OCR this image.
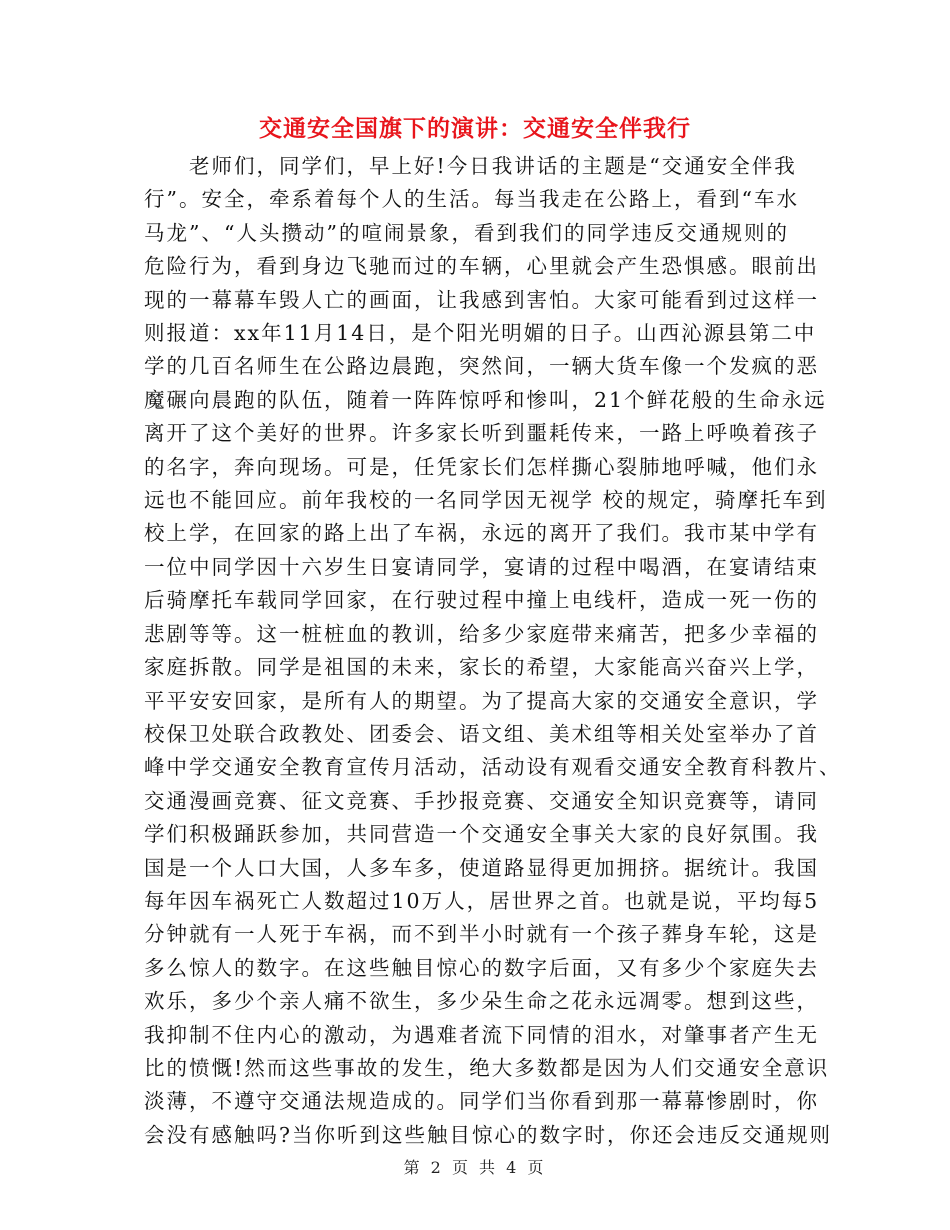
交通安全国旗下的演讲：交通安全伴我行
　　老师们，同学们，早上好!今日我讲话的主题是“交通安全伴我
行”。安全，牵系着每个人的生活。每当我走在公路上，看到“车水
马龙”、“人头攒动”的喧闹景象，看到我们的同学违反交通规则的
危险行为，看到身边飞驰而过的车辆，心里就会产生恐惧感。眼前出
现的一幕幕车毁人亡的画面，让我感到害怕。大家可能看到过这样一
则报道：xx年11月14日，是个阳光明媚的日子。山西沁源县第二中
学的几百名师生在公路边晨跑，突然间，一辆大货车像一个发疯的恶
魔碾向晨跑的队伍，随着一阵阵惊呼和惨叫，21个鲜花般的生命永远
离开了这个美好的世界。许多家长听到噩耗传来，一路上呼唤着孩子
的名字，奔向现场。可是，任凭家长们怎样撕心裂肺地呼喊，他们永
远也不能回应。前年我校的一名同学因无视学 校的规定，骑摩托车到
校上学，在回家的路上出了车祸，永远的离开了我们。我市某中学有
一位中同学因十六岁生日宴请同学，宴请的过程中喝酒，在宴请结束
后骑摩托车载同学回家，在行驶过程中撞上电线杆，造成一死一伤的
悲剧等等。这一桩桩血的教训，给多少家庭带来痛苦，把多少幸福的
家庭拆散。同学是祖国的未来，家长的希望，大家能高兴奋兴上学，
平平安安回家，是所有人的期望。为了提高大家的交通安全意识，学
校保卫处联合政教处、团委会、语文组、美术组等相关处室举办了首
峰中学交通安全教育宣传月活动，活动设有观看交通安全教育科教片、
交通漫画竞赛、征文竞赛、手抄报竞赛、交通安全知识竞赛等，请同
学们积极踊跃参加，共同营造一个交通安全事关大家的良好氛围。我
国是一个人口大国，人多车多，使道路显得更加拥挤。据统计。我国
每年因车祸死亡人数超过10万人，居世界之首。也就是说，平均每5
分钟就有一人死于车祸，而不到半小时就有一个孩子葬身车轮，这是
多么惊人的数字。在这些触目惊心的数字后面，又有多少个家庭失去
欢乐，多少个亲人痛不欲生，多少朵生命之花永远凋零。想到这些，
我抑制不住内心的激动，为遇难者流下同情的泪水，对肇事者产生无
比的愤慨!然而这些事故的发生，绝大多数都是因为人们交通安全意识
淡薄，不遵守交通法规造成的。同学们当你看到那一幕幕惨剧时，你
会没有感触吗?当你听到这些触目惊心的数字时，你还会违反交通规则
第 2 页 共 4 页
